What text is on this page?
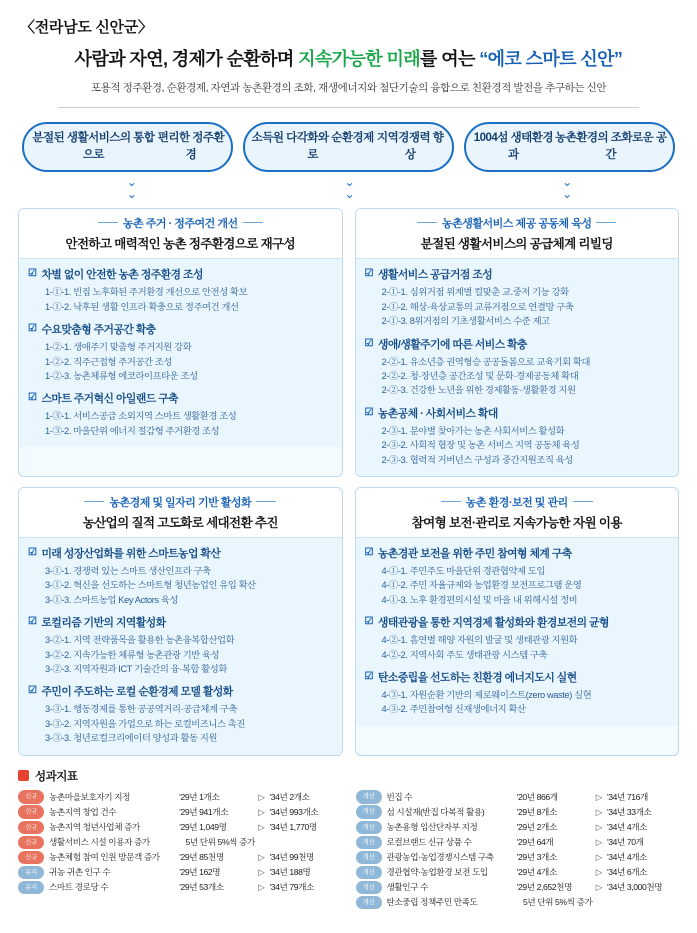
〈전라남도 신안군〉
사람과 자연, 경제가 순환하며 지속가능한 미래를 여는 “에코 스마트 신안”
포용적 정주환경, 순환경제, 자연과 농촌환경의 조화, 재생에너지와 첨단기술의 융합으로 친환경적 발전을 추구하는 신안
분절된 생활서비스의 통합으로
편리한 정주환경
소득원 다각화와 순환경제로
지역경쟁력 향상
1004섬 생태환경과
농촌환경의 조화로운 공간
⌄
⌄
⌄
⌄
⌄
⌄
농촌 주거 · 정주여건 개선
안전하고 매력적인 농촌 정주환경으로 재구성
☑ 차별 없이 안전한 농촌 정주환경 조성
1-①-1. 빈집 노후화된 주거환경 개선으로 안전성 확보
1-①-2. 낙후된 생활 인프라 확충으로 정주여건 개선
☑ 수요맞춤형 주거공간 확충
1-②-1. 생애주기 맞춤형 주거지원 강화
1-②-2. 직주근접형 주거공간 조성
1-②-3. 농촌체류형 에코라이프타운 조성
☑ 스마트 주거혁신 아일랜드 구축
1-③-1. 서비스공급 소외지역 스마트 생활환경 조성
1-③-2. 마을단위 에너지 절감형 주거환경 조성
농촌생활서비스 제공 공동체 육성
분절된 생활서비스의 공급체계 리빌딩
☑ 생활서비스 공급거점 조성
2-①-1. 심위거점 위계별 컬맞춘 교.중저 기능 강화
2-①-2. 해상·육상교통의 교류거점으로 연결망 구축
2-①-3. 8위거점의 기초생활서비스 수준 제고
☑ 생애/생활주기에 따른 서비스 확충
2-②-1. 유소년층 권역형승 공공돌봄으로 교육기회 확대
2-②-2. 청·장년층 공간조성 및 문화·경제공동체 확대
2-②-3. 건강한 노년을 위한 경제활동·생활환경 지원
☑ 농촌공체 · 사회서비스 확대
2-③-1. 분야별 찾아가는 농촌 사회서비스 활성화
2-③-2. 사회적 협장 및 농촌 서비스 지역 공동체 육성
2-③-3. 협력적 거버넌스 구성과 중간지원조직 육성
농촌경제 및 일자리 기반 활성화
농산업의 질적 고도화로 세대전환 추진
☑ 미래 성장산업화를 위한 스마트농업 확산
3-①-1. 경쟁력 있는 스마트 생산인프라 구축
3-①-2. 혁신을 선도하는 스마트형 청년농업인 유입 확산
3-①-3. 스마트농업 Key Actors 육성
☑ 로컬리즘 기반의 지역활성화
3-②-1. 지역 전략품목을 활용한 농촌융복합산업화
3-②-2. 지속가능한 체류형 농촌관광 기반 육성
3-②-3. 지역자원과 ICT 기술간의 융·복합 활성화
☑ 주민이 주도하는 로컬 순환경제 모델 활성화
3-③-1. 행동경제를 통한 공공역거리·공급체계 구축
3-③-2. 지역자원을 가업으로 하는 로컬비즈니스 촉진
3-③-3. 청년로컬크리에이터 양성과 활동 지원
농촌 환경·보전 및 관리
참여형 보전·관리로 지속가능한 자원 이용
☑ 농촌경관 보전을 위한 주민 참여형 체계 구축
4-①-1. 주민주도 마을단위 경관협약제 도입
4-①-2. 주민 자율규제와 농업환경 보전프로그램 운영
4-①-3. 노후 환경편의시설 및 마을 내 위해시설 정비
☑ 생태관광을 통한 지역경제 활성화와 환경보전의 균형
4-②-1. 흠연별 해양 자원의 발굴 및 생태관광 지원화
4-②-2. 지역사회 주도 생태관광 시스템 구축
☑ 탄소중립을 선도하는 친환경 에너지도시 실현
4-③-1. 자원순환 기반의 제로웨이스트(zero waste) 실현
4-③-2. 주민참여형 신재생에너지 확산
성과지표
신규	농촌마을보호자기 지정	'29년 1개소	▷ '34년 2개소
신규	농촌지역 창업 건수	'29년 941개소	▷ '34년 993개소
신규	농촌지역 청년사업체 증가	'29년 1,049명	▷ '34년 1,770명
신규	생활서비스 시설 이용자 증가	5년 단위 5%씩 증가
신규	농촌체험 참여 인원 방문객 증가	'29년 85천명	▷ '34년 99천명
유지	귀농 귀촌 인구 수	'29년 162명	▷ '34년 188명
유지	스마트 경로당 수	'29년 53개소	▷ '34년 79개소
개선	빈집 수	'20년 866개	▷ '34년 716개
개선	섬 시설재(반집 다복적 활용)	'29년 8개소	▷ '34년 33개소
개선	농촌용형 임산단자부 지정	'29년 2개소	▷ '34년 4개소
개선	로컬브랜드 신규 상품 수	'29년 64개	▷ '34년 70개
개선	관광농업·농업경쟁시스템 구축	'29년 3개소	▷ '34년 4개소
개선	경관협약·농업환경 보전 도입	'29년 4개소	▷ '34년 6개소
개선	생활인구 수	'29년 2,652천명	▷ '34년 3,000천명
개선	탄소중립 정책주민 만족도	5년 단위 5%씩 증가
